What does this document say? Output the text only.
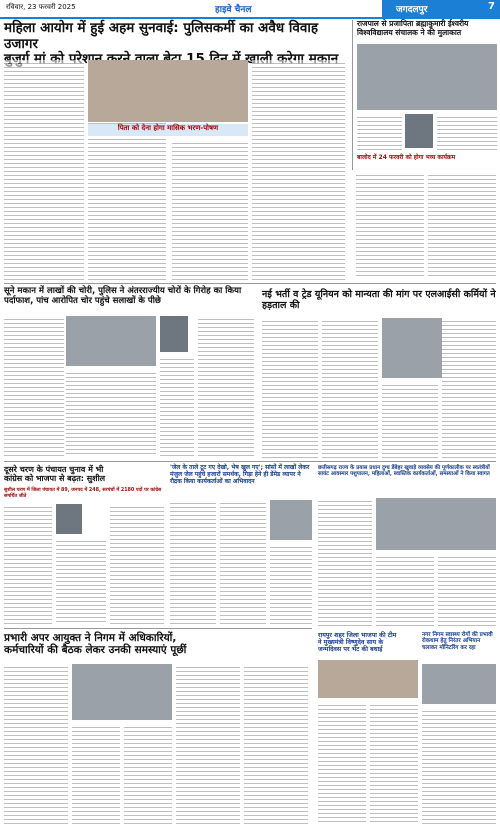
रविवार, 23 फरवरी 2025	हाइवे चैनल	जगदलपुर	7
महिला आयोग में हुई अहम सुनवाई: पुलिसकर्मी का अवैध विवाह उजागर
परेशान
पिता को देना होगा मासिक भरण-पोषण
राजपाल से प्रजापिता ब्रह्माकुमारी ईश्वरीय विश्वविद्यालय संचालक ने की मुलाकात
बालोद में 24 फरवरी को होगा भव्य कार्यक्रम
सूने मकान में लाखों की चोरी, पुलिस ने अंतरराज्यीय चोरों के गिरोह का किया पर्दाफाश, पांच आरोपित चोर पहुंचे सलाखों के पीछे
नई भर्ती व ट्रेड यूनियन को मान्यता की मांग पर एलआईसी कर्मियों ने हड़ताल की
दूसरे चरण के पंचायत चुनाव में भी
कांग्रेस को भाजपा से बढ़त: सुशील
सुशील चरण में जिला पंचायत में 89, जनपद में 248, सरपंचों में 2180 पदों पर कांग्रेस समर्थित जीते
'जेल के ताले टूट गए देखो, भेष खुल गए'; सांसों में लाखों लेकर मंजुल जेल पहुंचे हजारों समर्थक, गिड़ा हेने ही डेंमेड व्यापर ने रौद्रक किया कार्यकर्ताओं का अभिवादन
छत्तीसगढ़ राज्य के प्रयास प्रधान दुग्ध डेंबेहर खुवाड़े व्यवसेय की पूर्णकालीक पर स्वतंत्रीयों सायंट आवस्मार पशुपालन, महिलाओं, स्वास्तिक कार्यकर्ताओं, समस्याओं ने किया स्वागत
प्रभारी अपर आयुक्त ने निगम में अधिकारियों,
कर्मचारियों की बैठक लेकर उनकी समस्याएं पूछीं
रायपुर शहर जिला भाजपा की टीम
ने मुख्यमंत्री विष्णुदेव साय के
जन्मदिवस पर भेंट की बधाई
नगर निगम स्वास्थ्य रोगों की प्रभावी रोकथाम हेतु निरंतर अभियान चलाकर मॉनिटरिंग कर रहा
